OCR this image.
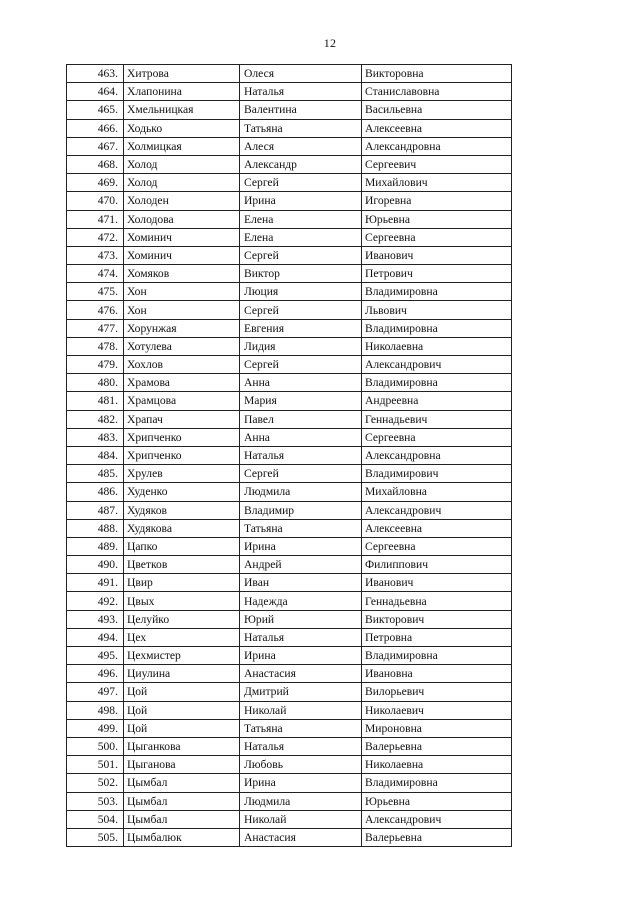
12
463.	Хитрова	Олеся	Викторовна
464.	Хлапонина	Наталья	Станиславовна
465.	Хмельницкая	Валентина	Васильевна
466.	Ходько	Татьяна	Алексеевна
467.	Холмицкая	Алеся	Александровна
468.	Холод	Александр	Сергеевич
469.	Холод	Сергей	Михайлович
470.	Холоден	Ирина	Игоревна
471.	Холодова	Елена	Юрьевна
472.	Хоминич	Елена	Сергеевна
473.	Хоминич	Сергей	Иванович
474.	Хомяков	Виктор	Петрович
475.	Хон	Люция	Владимировна
476.	Хон	Сергей	Львович
477.	Хорунжая	Евгения	Владимировна
478.	Хотулева	Лидия	Николаевна
479.	Хохлов	Сергей	Александрович
480.	Храмова	Анна	Владимировна
481.	Храмцова	Мария	Андреевна
482.	Храпач	Павел	Геннадьевич
483.	Хрипченко	Анна	Сергеевна
484.	Хрипченко	Наталья	Александровна
485.	Хрулев	Сергей	Владимирович
486.	Худенко	Людмила	Михайловна
487.	Худяков	Владимир	Александрович
488.	Худякова	Татьяна	Алексеевна
489.	Цапко	Ирина	Сергеевна
490.	Цветков	Андрей	Филиппович
491.	Цвир	Иван	Иванович
492.	Цвых	Надежда	Геннадьевна
493.	Целуйко	Юрий	Викторович
494.	Цех	Наталья	Петровна
495.	Цехмистер	Ирина	Владимировна
496.	Циулина	Анастасия	Ивановна
497.	Цой	Дмитрий	Вилорьевич
498.	Цой	Николай	Николаевич
499.	Цой	Татьяна	Мироновна
500.	Цыганкова	Наталья	Валерьевна
501.	Цыганова	Любовь	Николаевна
502.	Цымбал	Ирина	Владимировна
503.	Цымбал	Людмила	Юрьевна
504.	Цымбал	Николай	Александрович
505.	Цымбалюк	Анастасия	Валерьевна
